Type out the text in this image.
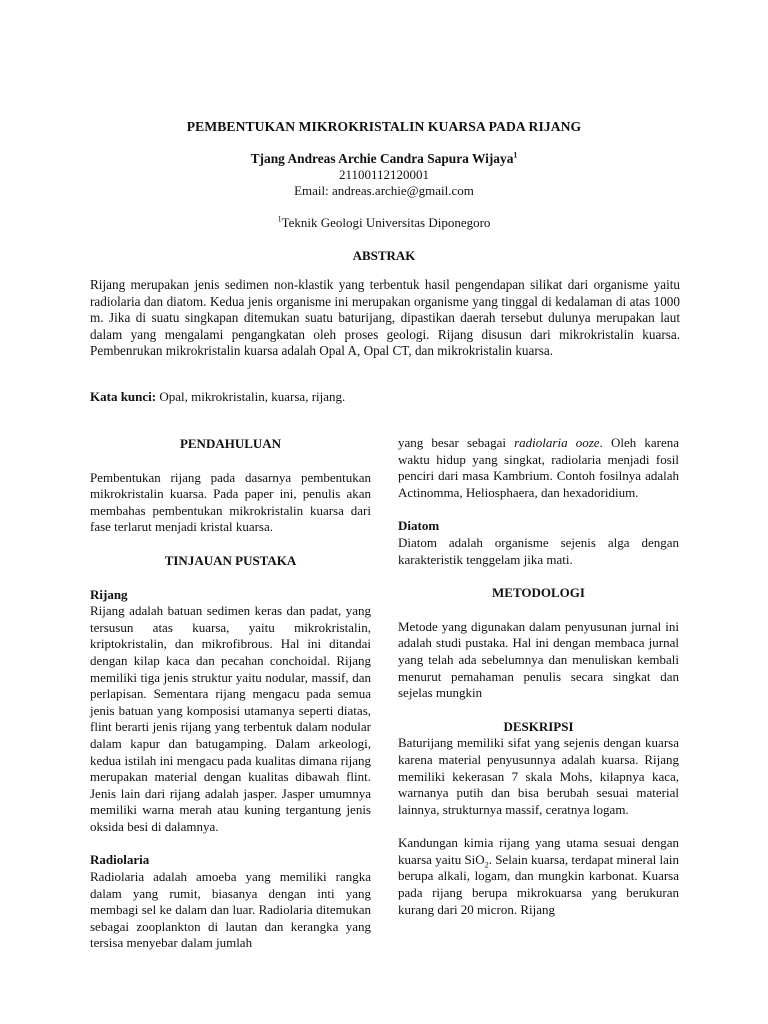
PEMBENTUKAN MIKROKRISTALIN KUARSA PADA RIJANG
Tjang Andreas Archie Candra Sapura Wijaya$^1$
21100112120001
Email: andreas.archie@gmail.com
$^1$Teknik Geologi Universitas Diponegoro
ABSTRAK

Rijang merupakan jenis sedimen non-klastik yang terbentuk hasil pengendapan silikat dari organisme yaitu radiolaria dan diatom. Kedua jenis organisme ini merupakan organisme yang tinggal di kedalaman di atas 1000 m. Jika di suatu singkapan ditemukan suatu baturijang, dipastikan daerah tersebut dulunya merupakan laut dalam yang mengalami pengangkatan oleh proses geologi. Rijang disusun dari mikrokristalin kuarsa. Pembenrukan mikrokristalin kuarsa adalah Opal A, Opal CT, dan mikrokristalin kuarsa.

Kata kunci: Opal, mikrokristalin, kuarsa, rijang.

PENDAHULUAN

Pembentukan rijang pada dasarnya pembentukan mikrokristalin kuarsa. Pada paper ini, penulis akan membahas pembentukan mikrokristalin kuarsa dari fase terlarut menjadi kristal kuarsa.

TINJAUAN PUSTAKA

Rijang

Rijang adalah batuan sedimen keras dan padat, yang tersusun atas kuarsa, yaitu mikrokristalin, kriptokristalin, dan mikrofibrous. Hal ini ditandai dengan kilap kaca dan pecahan conchoidal. Rijang memiliki tiga jenis struktur yaitu nodular, massif, dan perlapisan. Sementara rijang mengacu pada semua jenis batuan yang komposisi utamanya seperti diatas, flint berarti jenis rijang yang terbentuk dalam nodular dalam kapur dan batugamping. Dalam arkeologi, kedua istilah ini mengacu pada kualitas dimana rijang merupakan material dengan kualitas dibawah flint. Jenis lain dari rijang adalah jasper. Jasper umumnya memiliki warna merah atau kuning tergantung jenis oksida besi di dalamnya.

Radiolaria

Radiolaria adalah amoeba yang memiliki rangka dalam yang rumit, biasanya dengan inti yang membagi sel ke dalam dan luar. Radiolaria ditemukan sebagai zooplankton di lautan dan kerangka yang tersisa menyebar dalam jumlah

yang besar sebagai radiolaria ooze. Oleh karena waktu hidup yang singkat, radiolaria menjadi fosil penciri dari masa Kambrium. Contoh fosilnya adalah Actinomma, Heliosphaera, dan hexadoridium.

Diatom

Diatom adalah organisme sejenis alga dengan karakteristik tenggelam jika mati.

METODOLOGI

Metode yang digunakan dalam penyusunan jurnal ini adalah studi pustaka. Hal ini dengan membaca jurnal yang telah ada sebelumnya dan menuliskan kembali menurut pemahaman penulis secara singkat dan sejelas mungkin

DESKRIPSI

Baturijang memiliki sifat yang sejenis dengan kuarsa karena material penyusunnya adalah kuarsa. Rijang memiliki kekerasan 7 skala Mohs, kilapnya kaca, warnanya putih dan bisa berubah sesuai material lainnya, strukturnya massif, ceratnya logam.

Kandungan kimia rijang yang utama sesuai dengan kuarsa yaitu SiO$_2$. Selain kuarsa, terdapat mineral lain berupa alkali, logam, dan mungkin karbonat. Kuarsa pada rijang berupa mikrokuarsa yang berukuran kurang dari 20 micron. Rijang
